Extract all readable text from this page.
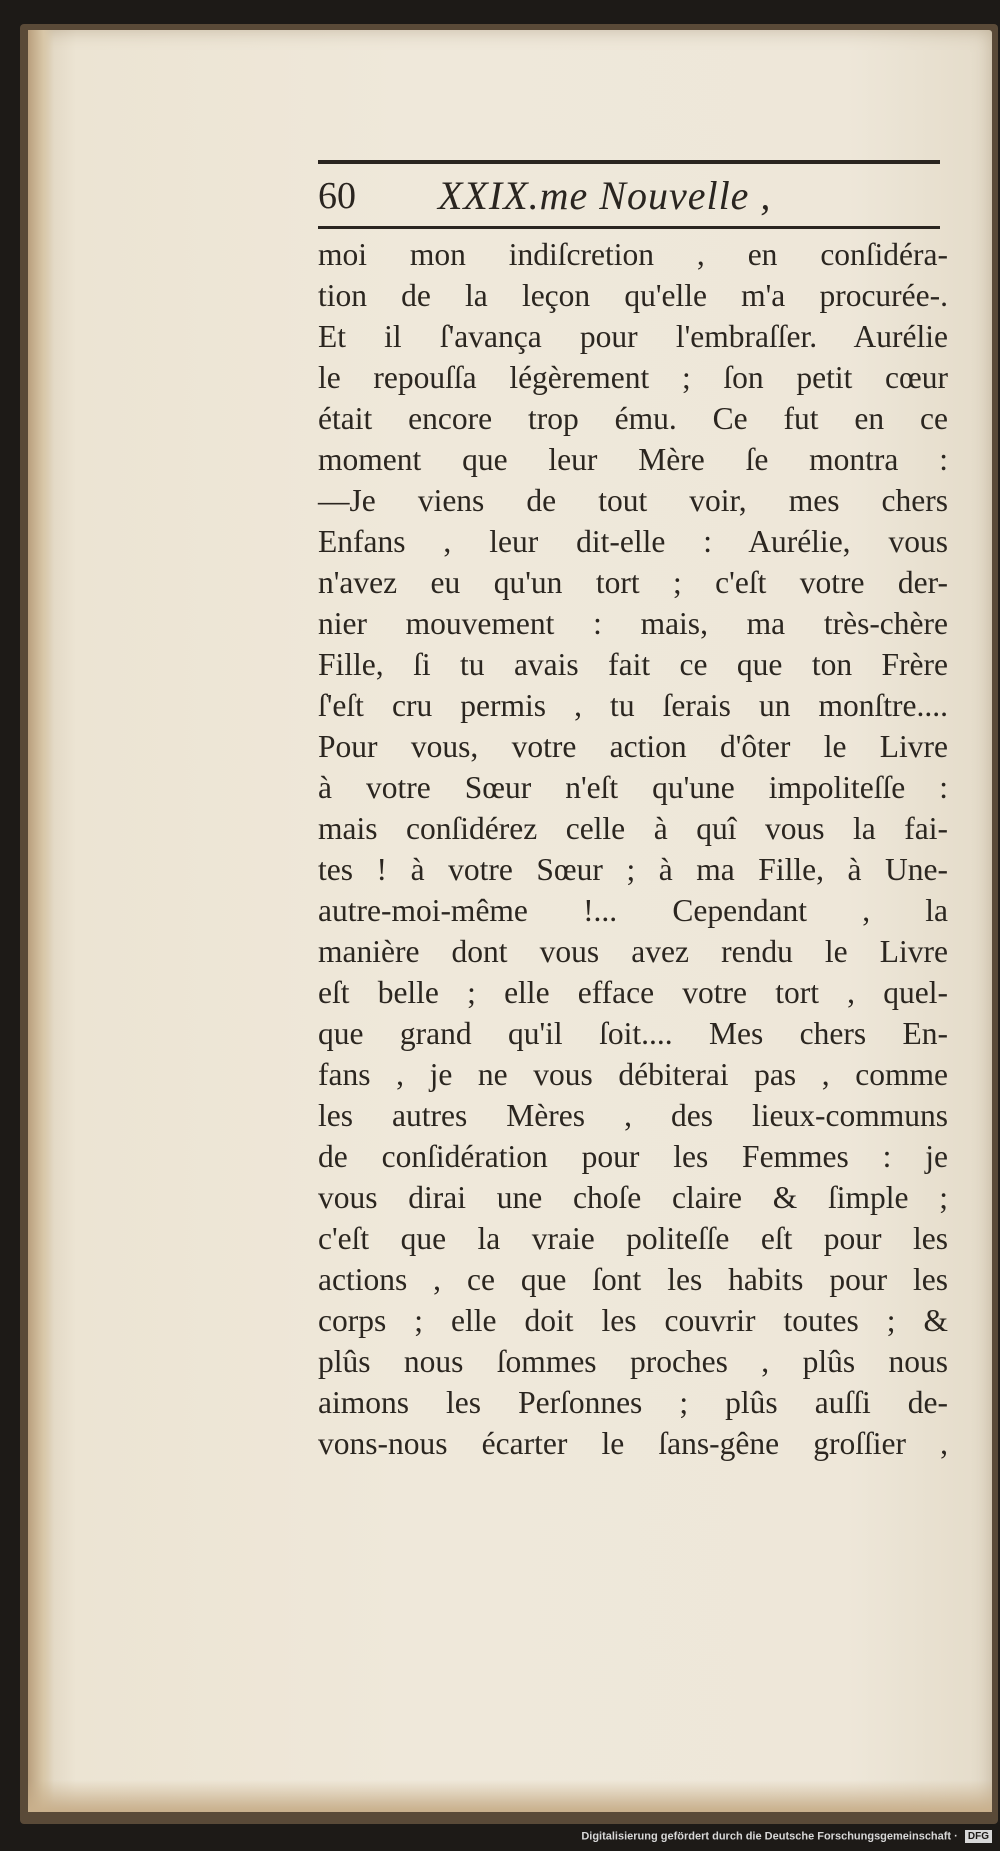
60 XXIX.me Nouvelle ,
moi mon indiſcretion , en conſidéra-
tion de la leçon qu'elle m'a procurée-.
Et il ſ'avança pour l'embraſſer. Aurélie
le repouſſa légèrement ; ſon petit cœur
était encore trop ému. Ce fut en ce
moment que leur Mère ſe montra :
—Je viens de tout voir, mes chers
Enfans , leur dit-elle : Aurélie, vous
n'avez eu qu'un tort ; c'eſt votre der-
nier mouvement : mais, ma très-chère
Fille, ſi tu avais fait ce que ton Frère
ſ'eſt cru permis , tu ſerais un monſtre....
Pour vous, votre action d'ôter le Livre
à votre Sœur n'eſt qu'une impoliteſſe :
mais conſidérez celle à quî vous la fai-
tes ! à votre Sœur ; à ma Fille, à Une-
autre-moi-même !... Cependant , la
manière dont vous avez rendu le Livre
eſt belle ; elle efface votre tort , quel-
que grand qu'il ſoit.... Mes chers En-
fans , je ne vous débiterai pas , comme
les autres Mères , des lieux-communs
de conſidération pour les Femmes : je
vous dirai une choſe claire & ſimple ;
c'eſt que la vraie politeſſe eſt pour les
actions , ce que ſont les habits pour les
corps ; elle doit les couvrir toutes ; &
plûs nous ſommes proches , plûs nous
aimons les Perſonnes ; plûs auſſi de-
vons-nous écarter le ſans-gêne groſſier ,
Digitalisierung gefördert durch die Deutsche Forschungsgemeinschaft · DFG
